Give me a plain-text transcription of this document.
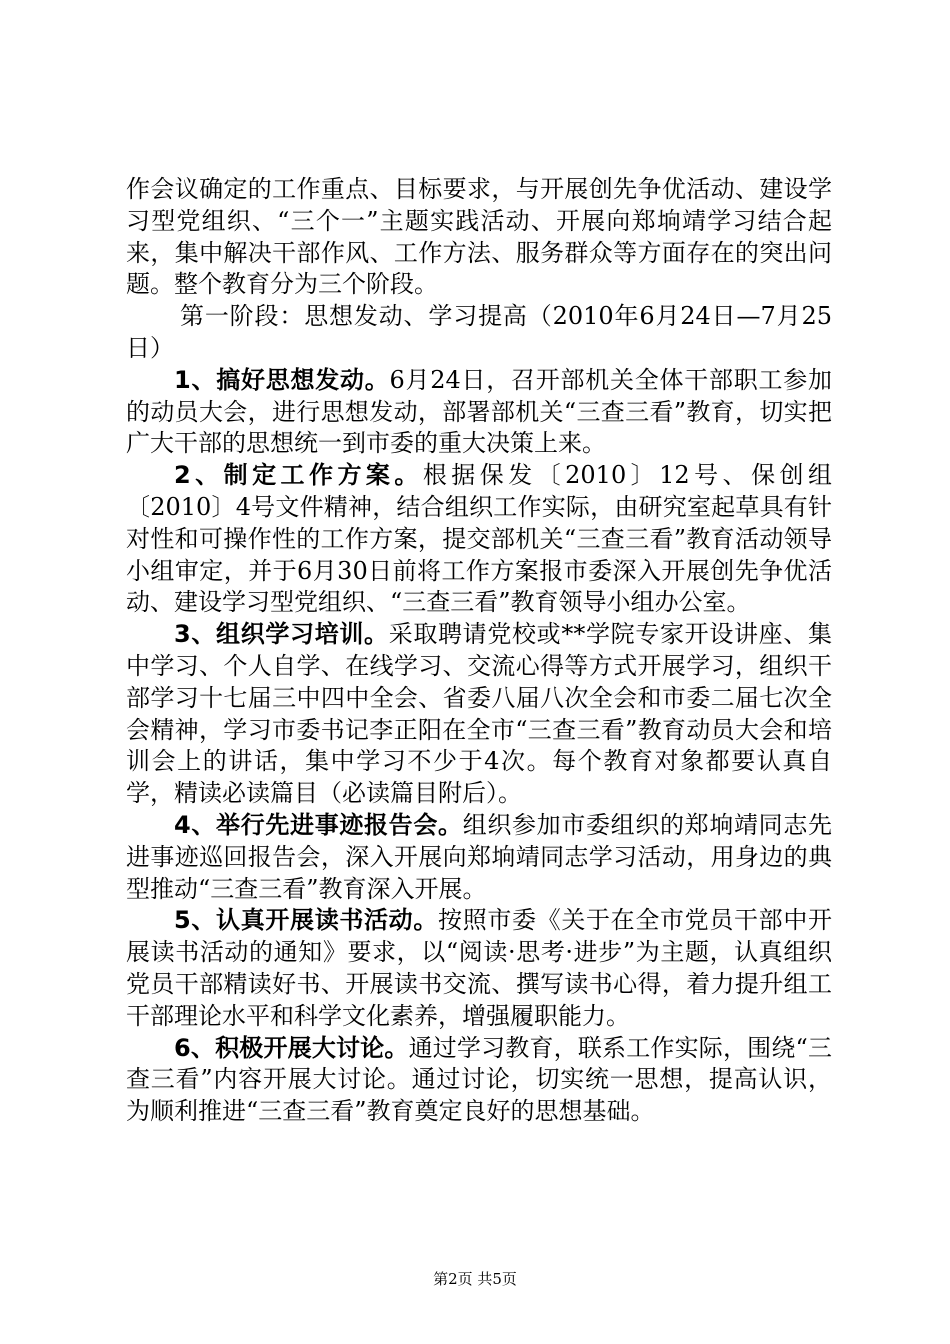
作会议确定的工作重点、目标要求，与开展创先争优活动、建设学习型党组织、“三个一”主题实践活动、开展向郑垧靖学习结合起来，集中解决干部作风、工作方法、服务群众等方面存在的突出问题。整个教育分为三个阶段。

第一阶段：思想发动、学习提高（2010年6月24日—7月25日）

1、搞好思想发动。6月24日，召开部机关全体干部职工参加的动员大会，进行思想发动，部署部机关“三查三看”教育，切实把广大干部的思想统一到市委的重大决策上来。

2、制定工作方案。根据保发〔2010〕12号、保创组〔2010〕4号文件精神，结合组织工作实际，由研究室起草具有针对性和可操作性的工作方案，提交部机关“三查三看”教育活动领导小组审定，并于6月30日前将工作方案报市委深入开展创先争优活动、建设学习型党组织、“三查三看”教育领导小组办公室。

3、组织学习培训。采取聘请党校或**学院专家开设讲座、集中学习、个人自学、在线学习、交流心得等方式开展学习，组织干部学习十七届三中四中全会、省委八届八次全会和市委二届七次全会精神，学习市委书记李正阳在全市“三查三看”教育动员大会和培训会上的讲话，集中学习不少于4次。每个教育对象都要认真自学，精读必读篇目（必读篇目附后）。

4、举行先进事迹报告会。组织参加市委组织的郑垧靖同志先进事迹巡回报告会，深入开展向郑垧靖同志学习活动，用身边的典型推动“三查三看”教育深入开展。

5、认真开展读书活动。按照市委《关于在全市党员干部中开展读书活动的通知》要求，以“阅读·思考·进步”为主题，认真组织党员干部精读好书、开展读书交流、撰写读书心得，着力提升组工干部理论水平和科学文化素养，增强履职能力。

6、积极开展大讨论。通过学习教育，联系工作实际，围绕“三查三看”内容开展大讨论。通过讨论，切实统一思想，提高认识，为顺利推进“三查三看”教育奠定良好的思想基础。

第2页 共5页
